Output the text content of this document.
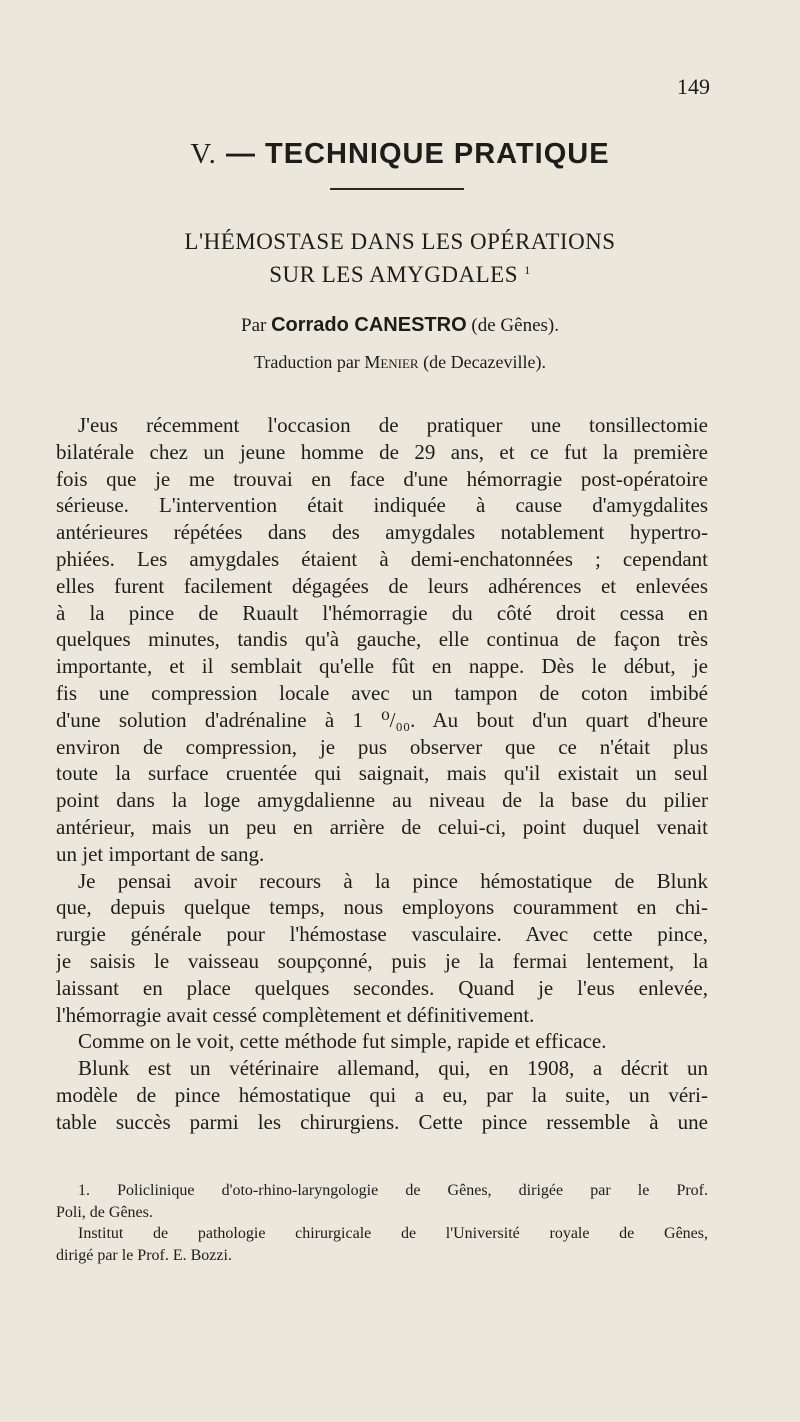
149
V. — TECHNIQUE PRATIQUE
L'HÉMOSTASE DANS LES OPÉRATIONS
SUR LES AMYGDALES $^1$
Par Corrado CANESTRO (de Gênes).
Traduction par Menier (de Decazeville).
J'eus récemment l'occasion de pratiquer une tonsillectomie
bilatérale chez un jeune homme de 29 ans, et ce fut la première
fois que je me trouvai en face d'une hémorragie post-opératoire
sérieuse. L'intervention était indiquée à cause d'amygdalites
antérieures répétées dans des amygdales notablement hypertro-
phiées. Les amygdales étaient à demi-enchatonnées ; cependant
elles furent facilement dégagées de leurs adhérences et enlevées
à la pince de Ruault l'hémorragie du côté droit cessa en
quelques minutes, tandis qu'à gauche, elle continua de façon très
importante, et il semblait qu'elle fût en nappe. Dès le début, je
fis une compression locale avec un tampon de coton imbibé
d'une solution d'adrénaline à 1 ⁰/₀₀. Au bout d'un quart d'heure
environ de compression, je pus observer que ce n'était plus
toute la surface cruentée qui saignait, mais qu'il existait un seul
point dans la loge amygdalienne au niveau de la base du pilier
antérieur, mais un peu en arrière de celui-ci, point duquel venait
un jet important de sang.
Je pensai avoir recours à la pince hémostatique de Blunk
que, depuis quelque temps, nous employons couramment en chi-
rurgie générale pour l'hémostase vasculaire. Avec cette pince,
je saisis le vaisseau soupçonné, puis je la fermai lentement, la
laissant en place quelques secondes. Quand je l'eus enlevée,
l'hémorragie avait cessé complètement et définitivement.
Comme on le voit, cette méthode fut simple, rapide et efficace.
Blunk est un vétérinaire allemand, qui, en 1908, a décrit un
modèle de pince hémostatique qui a eu, par la suite, un véri-
table succès parmi les chirurgiens. Cette pince ressemble à une
1. Policlinique d'oto-rhino-laryngologie de Gênes, dirigée par le Prof.
Poli, de Gênes.
Institut de pathologie chirurgicale de l'Université royale de Gênes,
dirigé par le Prof. E. Bozzi.
